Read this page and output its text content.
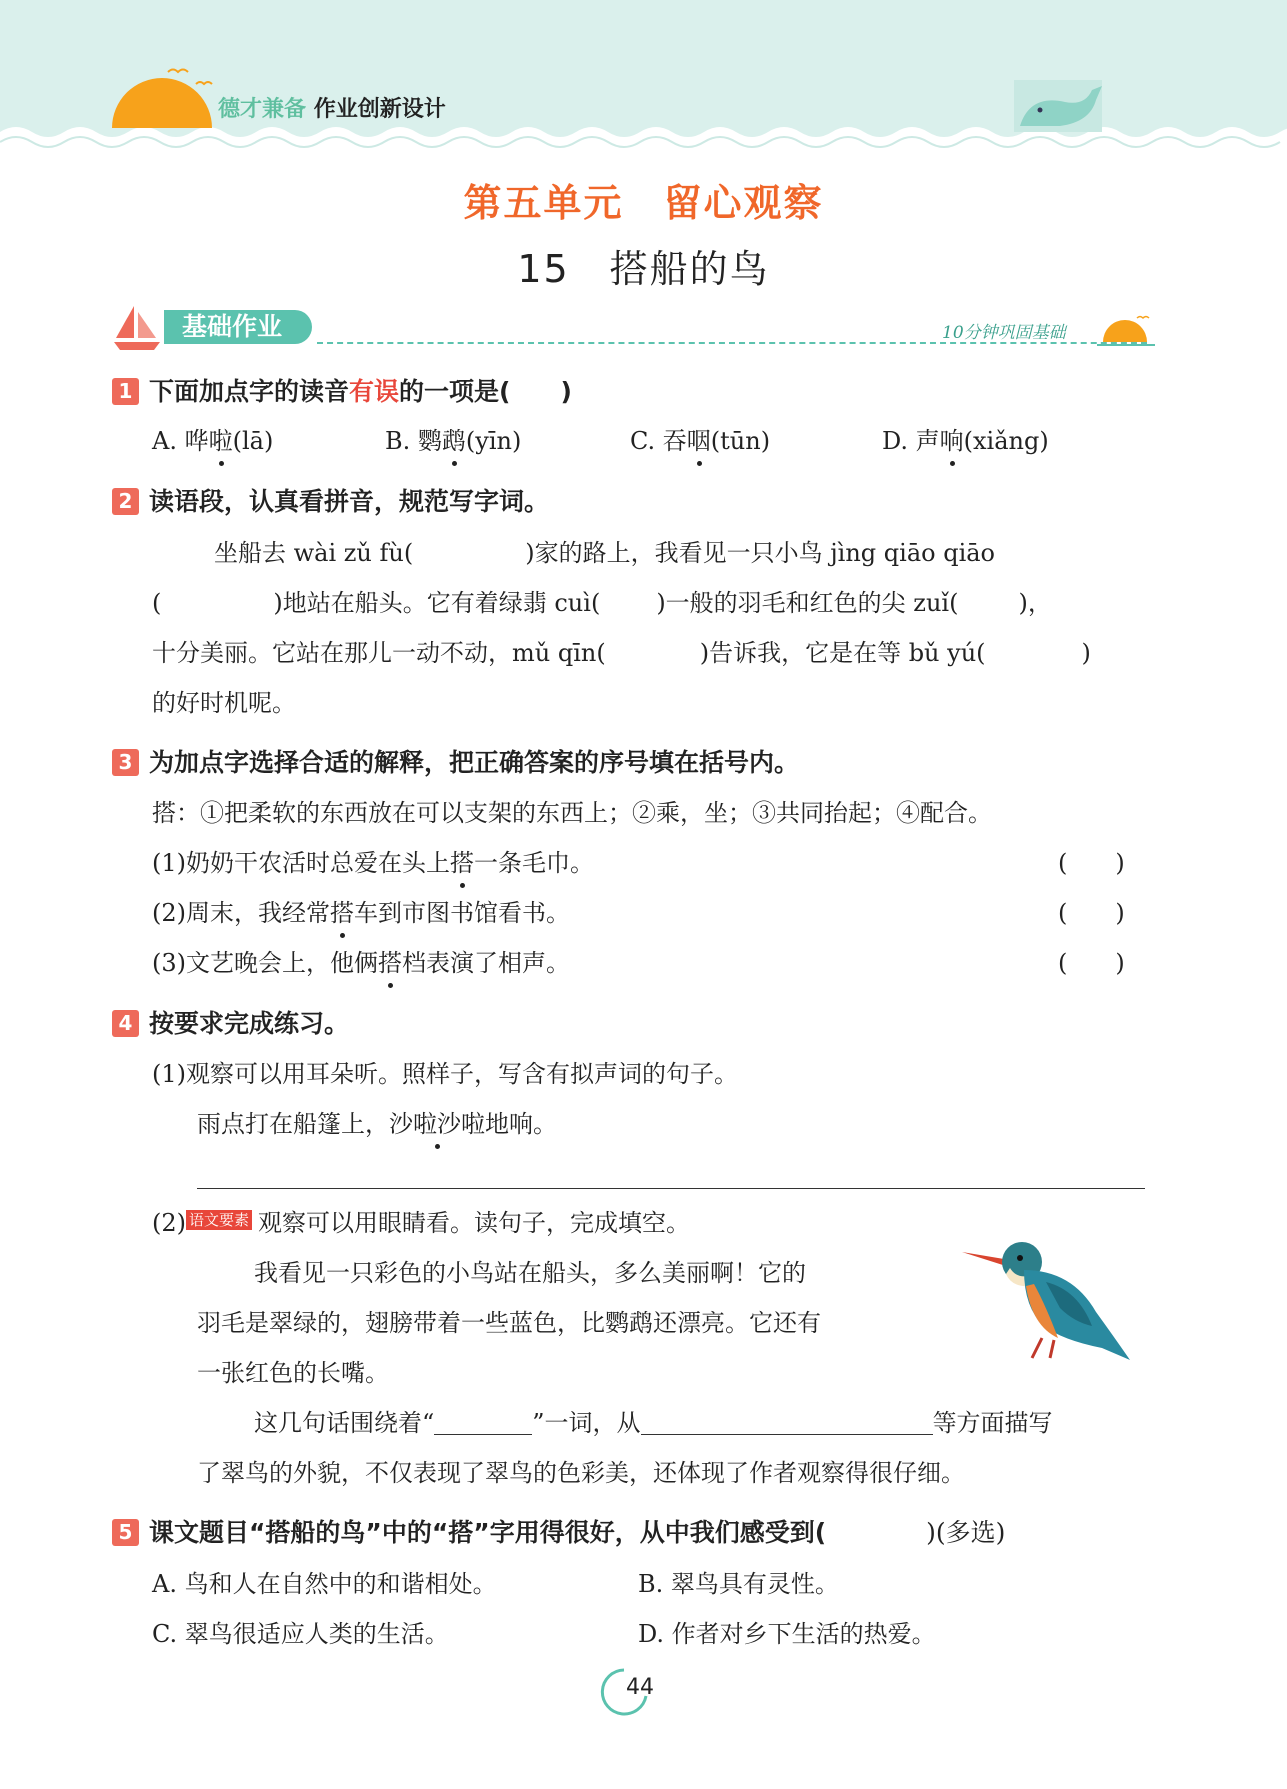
德才兼备 作业创新设计
第五单元　留心观察
15　搭船的鸟
基础作业	10分钟巩固基础
1 下面加点字的读音有误的一项是(　　)
A. 哗啦(lā)	B. 鹦鹉(yīn)	C. 吞咽(tūn)	D. 声响(xiǎng)
2 读语段，认真看拼音，规范写字词。
坐船去 wài zǔ fù(	)家的路上，我看见一只小鸟 jìng qiāo qiāo
(	)地站在船头。它有着绿翡 cuì( )一般的羽毛和红色的尖 zuǐ(	)，
十分美丽。它站在那儿一动不动，mǔ qīn(	)告诉我，它是在等 bǔ yú(	)
的好时机呢。
3 为加点字选择合适的解释，把正确答案的序号填在括号内。
搭：①把柔软的东西放在可以支架的东西上；②乘，坐；③共同抬起；④配合。
(1)奶奶干农活时总爱在头上搭一条毛巾。	(　　)
(2)周末，我经常搭车到市图书馆看书。	(　　)
(3)文艺晚会上，他俩搭档表演了相声。	(　　)
4 按要求完成练习。
(1)观察可以用耳朵听。照样子，写含有拟声词的句子。
雨点打在船篷上，沙啦沙啦地响。
(2) 语文要素 观察可以用眼睛看。读句子，完成填空。
我看见一只彩色的小鸟站在船头，多么美丽啊！它的
羽毛是翠绿的，翅膀带着一些蓝色，比鹦鹉还漂亮。它还有
一张红色的长嘴。
这几句话围绕着“	”一词，从	等方面描写
了翠鸟的外貌，不仅表现了翠鸟的色彩美，还体现了作者观察得很仔细。
5 课文题目“搭船的鸟”中的“搭”字用得很好，从中我们感受到(	)(多选)
A. 鸟和人在自然中的和谐相处。	B. 翠鸟具有灵性。
C. 翠鸟很适应人类的生活。	D. 作者对乡下生活的热爱。
44
